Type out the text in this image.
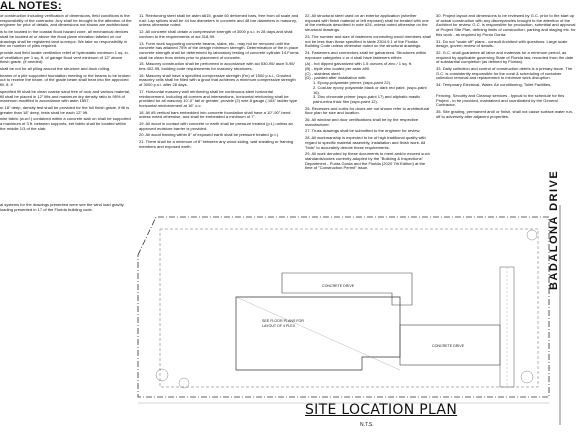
AL NOTES:

of construction including verification of dimensions, field conditions is the responsibility of the contractor. Any shall be brought to the attention of the engineer for prior of details, and dimensions not shown are architectural

is to be located in the coastal flood hazard zone, all mechanical devices shall be located at or above the flood plane elevation labeled on our drawings shall be registered land surveyor. We take no responsibility in the on number of piles required.

provide and field locate ventilation relief of hydrostatic minimum 1 sq. in. of ventilation per 1 sq. ft. of garage flood vent minimum of 12" above finish grade. (if needed)

shall be not for all piling around the structure and dock rolling.

beams of a pile supported foundation meeting or the beams to be broken out to receive the beam. of the grade beam shall bear into the approved fill. 8. if

specified fill shall be clean coarse sand free of rock and various material, fill shall be placed in 12" lifts and maximum dry density ratio to 95% of maximum modified in accordance with astm 1557.

m 18" deep, density test shall be provided for the full finish grade, if fill is greater than 18" deep, tests shall be each 12" lift.

wire fabric (w.w.f.) contained within a concrete slab on shall be supported a maximum of 3 ft. between supports, eet fabric shall be located within the middle 1/3 of the slab.

11. Reinforcing steel shall be astm a615, grade 60 deformed bars, free from oil scale and rust. Lap splices shall be 44 bar diameters in concrete and 48 bar diameters in masonry, unless otherwise noted.

12. All concrete shall obtain a compressive strength of 3000 p.s.i. in 28 days,and shall conform to the requirements of aci 318-99.

13. Form work supporting concrete beams, slabs, etc., may not be removed until the concrete has attained 75% of the design minimum strength. Determination of the in place concrete strength shall be determined by laboratory testing of concrete cylinder 14.Forms shall be clean from debris prior to placement of concrete.

15. Masonry construction shall be performed in accordance with aci 530-95/ asce 5-95/ tms 402-95, building code requirements for masonry structures.

16. Masonry shall have a specified compressive strength (f'm) of 1500 p.s.i., Grouted masonry cells shall be filled with a grout that achieves a minimum compressive strength of 3000 p.s.i. after 28 days.

17. Horizontal masonry wall reinforcing shall be continuous steel horizontal reinforcement. Including all corners and intersections, horizontal reinforcing shall be provided for all masonry 10'-0" tall or greater, provide (2) wire 8 gauge (.164" ladder type horizontal reinforcement at 16" o.c.

18. All #5 vertical bars embedded into concrete foundation shall have a 10"-90" bend unless noted otherwise, and shall be embedded a minimum of 7".

19. All wood in contact with concrete or earth shall be pressure treated (p.t.) unless an approved moisture barrier is provided.

20. All wood framing within 8" of exposed earth shall be pressure treated (p.t.).

21. There shall be a minimum of 8" between any wood siding, wall sheating or framing members and exposed earth.

22. All structural steel used on an exterior application (whether exposed with finish material or left exposed) shall be treated with one of the methods described in note #24, unless noted otherwise on the structural drawings.

23. The number and size of fasteners connecting wood members shall not be less than those specified in table 2304.9.1 of the Florida Building Code unless otherwise noted on the structural drawings.

24. Fasteners and connectors shall be galvanized. Structures within exposure categories c or d shall have fasteners either:

(A) - hot dipped galvanized with 1.5 ounces of zinc / 1 sq. ft.
(B) - triple zinc coated per astm a90.
(C) - stainless steel.
(D) - painted after installation with:
1. Epoxy-polyamide primer, (sspc-paint 22).
2. Coal-tar epoxy polyamide black or dark red paint. (sspc-paint 16).

3. Zinc chromate primer (sspc-paint 17) and aliphatic mastic paint-extra thick film (sspc-paint 12).

25. Recesses and curbs for doors are not shown refer to architectural floor plan for size and location.

26. All window and door certifications shall be by the respective manufacturer.

27. Truss drawings shall be submitted to the engineer for review.

28. All workmanship is expected to be of high traditional quality with regard to specific material assembly, installation and finish work. All "bids" to accurately denote these requirements.

29. All work denoted by these documents to meet and/or exceed such standards/codes currently adopted by the "Building & Inspections" Department - Punta Gorda and the Florida (2020 7th Edition) at the time of "Construction Permit" issue.

30. Project layout and dimensions to be reviewed by G.C. prior to the start up of actual construction with any discrepancies brought to the attention of the Architect for review. G.C. is responsible for production, submittal and approval of Project Site Plan, defining limits of construction, parking and staging etc. for this work - as required by Punta Gorda.

31. Do not "scale off" plans - consult Architect with questions. Large scale design, govern review of details.

32. G.C. shall guarantee all labor and materials for a minimum period, as required by applicable governing State of Florida law, recorded from the date of substantial completion (as defined by Florida).

33. Daily collection and control of construction debris is a primary issue. The G.C. is consistently responsible for the coral & scheduling of container collection removal and replacement to minimize work disruption.

34. Temporary Electrical, Water, Air conditioning, Toilet Facilities,

Fencing, Security and Cleanup services - typical to the schedule for this Project - to be provided, maintained and coordinated by the General Contractor.

35. Site grading, permanent and/ or finish, shall not cause surface water run-off to adversely alter adjacent properties.

al systems for the drawings presented were see the wind load gravity loading presented in 17 of the Florida building code.
CONCRETE DRIVE
SEE FLOOR PLANS FOR
LAYOUT OF 4 PLEX
CONCRETE DRIVE
BADALONA DRIVE
SITE LOCATION PLAN
N.T.S.
